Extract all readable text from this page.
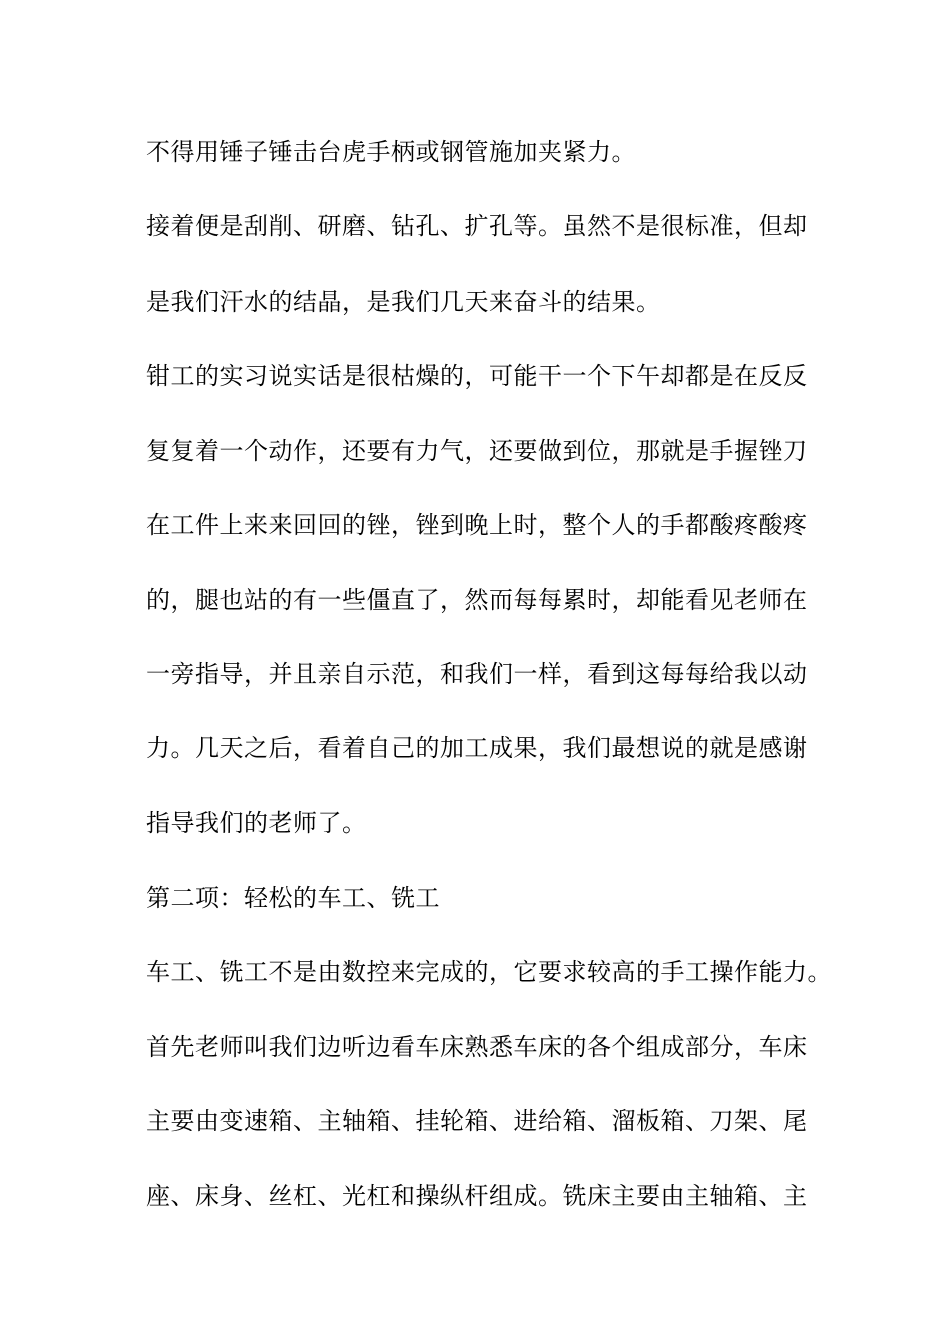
不得用锤子锤击台虎手柄或钢管施加夹紧力。
接着便是刮削、研磨、钻孔、扩孔等。虽然不是很标准，但却
是我们汗水的结晶，是我们几天来奋斗的结果。
钳工的实习说实话是很枯燥的，可能干一个下午却都是在反反
复复着一个动作，还要有力气，还要做到位，那就是手握锉刀
在工件上来来回回的锉，锉到晚上时，整个人的手都酸疼酸疼
的，腿也站的有一些僵直了，然而每每累时，却能看见老师在
一旁指导，并且亲自示范，和我们一样，看到这每每给我以动
力。几天之后，看着自己的加工成果，我们最想说的就是感谢
指导我们的老师了。
第二项：轻松的车工、铣工
车工、铣工不是由数控来完成的，它要求较高的手工操作能力。
首先老师叫我们边听边看车床熟悉车床的各个组成部分，车床
主要由变速箱、主轴箱、挂轮箱、进给箱、溜板箱、刀架、尾
座、床身、丝杠、光杠和操纵杆组成。铣床主要由主轴箱、主
